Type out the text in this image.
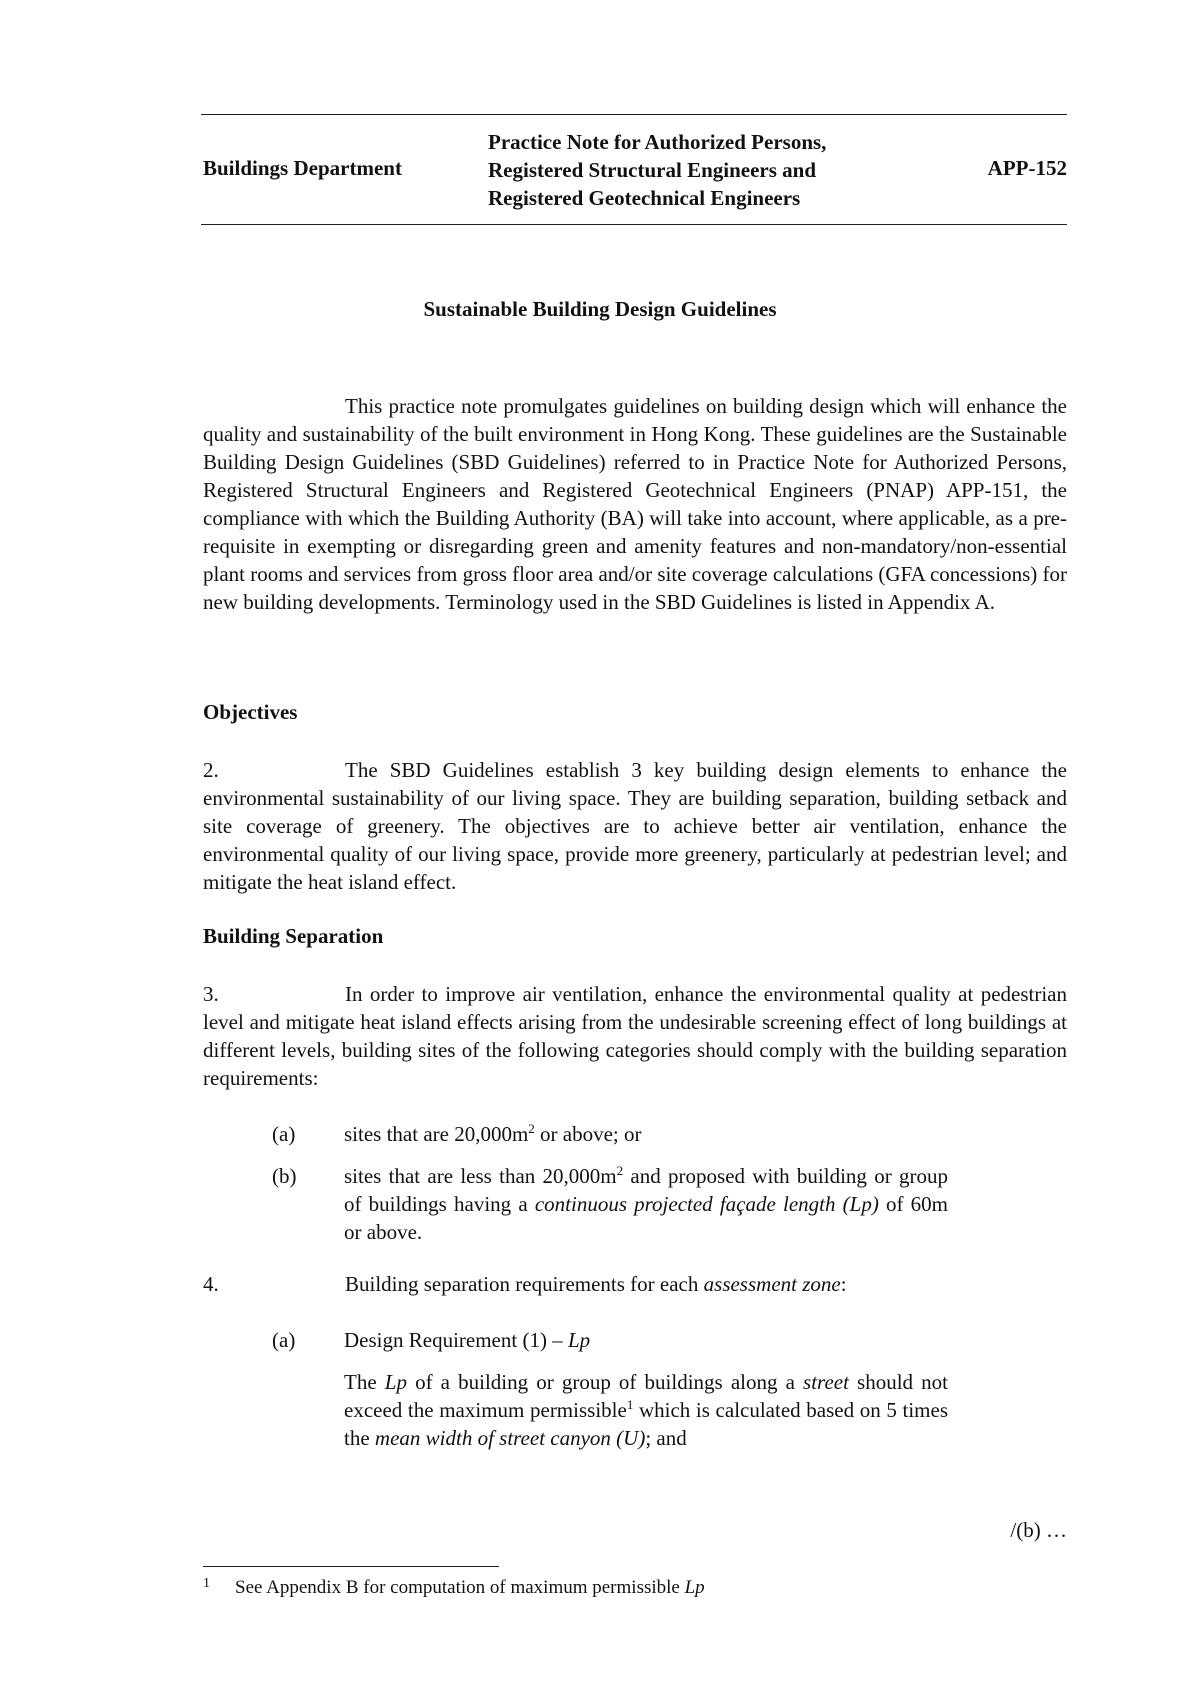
Buildings Department
Practice Note for Authorized Persons,
Registered Structural Engineers and
Registered Geotechnical Engineers
APP-152
Sustainable Building Design Guidelines

This practice note promulgates guidelines on building design which will enhance the quality and sustainability of the built environment in Hong Kong. These guidelines are the Sustainable Building Design Guidelines (SBD Guidelines) referred to in Practice Note for Authorized Persons, Registered Structural Engineers and Registered Geotechnical Engineers (PNAP) APP-151, the compliance with which the Building Authority (BA) will take into account, where applicable, as a pre-requisite in exempting or disregarding green and amenity features and non-mandatory/non-essential plant rooms and services from gross floor area and/or site coverage calculations (GFA concessions) for new building developments. Terminology used in the SBD Guidelines is listed in Appendix A.

Objectives

2.	The SBD Guidelines establish 3 key building design elements to enhance the environmental sustainability of our living space. They are building separation, building setback and site coverage of greenery. The objectives are to achieve better air ventilation, enhance the environmental quality of our living space, provide more greenery, particularly at pedestrian level; and mitigate the heat island effect.

Building Separation

3.	In order to improve air ventilation, enhance the environmental quality at pedestrian level and mitigate heat island effects arising from the undesirable screening effect of long buildings at different levels, building sites of the following categories should comply with the building separation requirements:

(a) sites that are $20,000m^2$ or above; or
(b) sites that are less than $20,000m^2$ and proposed with building or group of buildings having a continuous projected façade length (Lp) of 60m or above.

4.	Building separation requirements for each assessment zone:

(a) Design Requirement (1) – Lp
The Lp of a building or group of buildings along a street should not exceed the maximum permissible$^1$ which is calculated based on 5 times the mean width of street canyon (U); and
/(b) …
1 See Appendix B for computation of maximum permissible Lp
